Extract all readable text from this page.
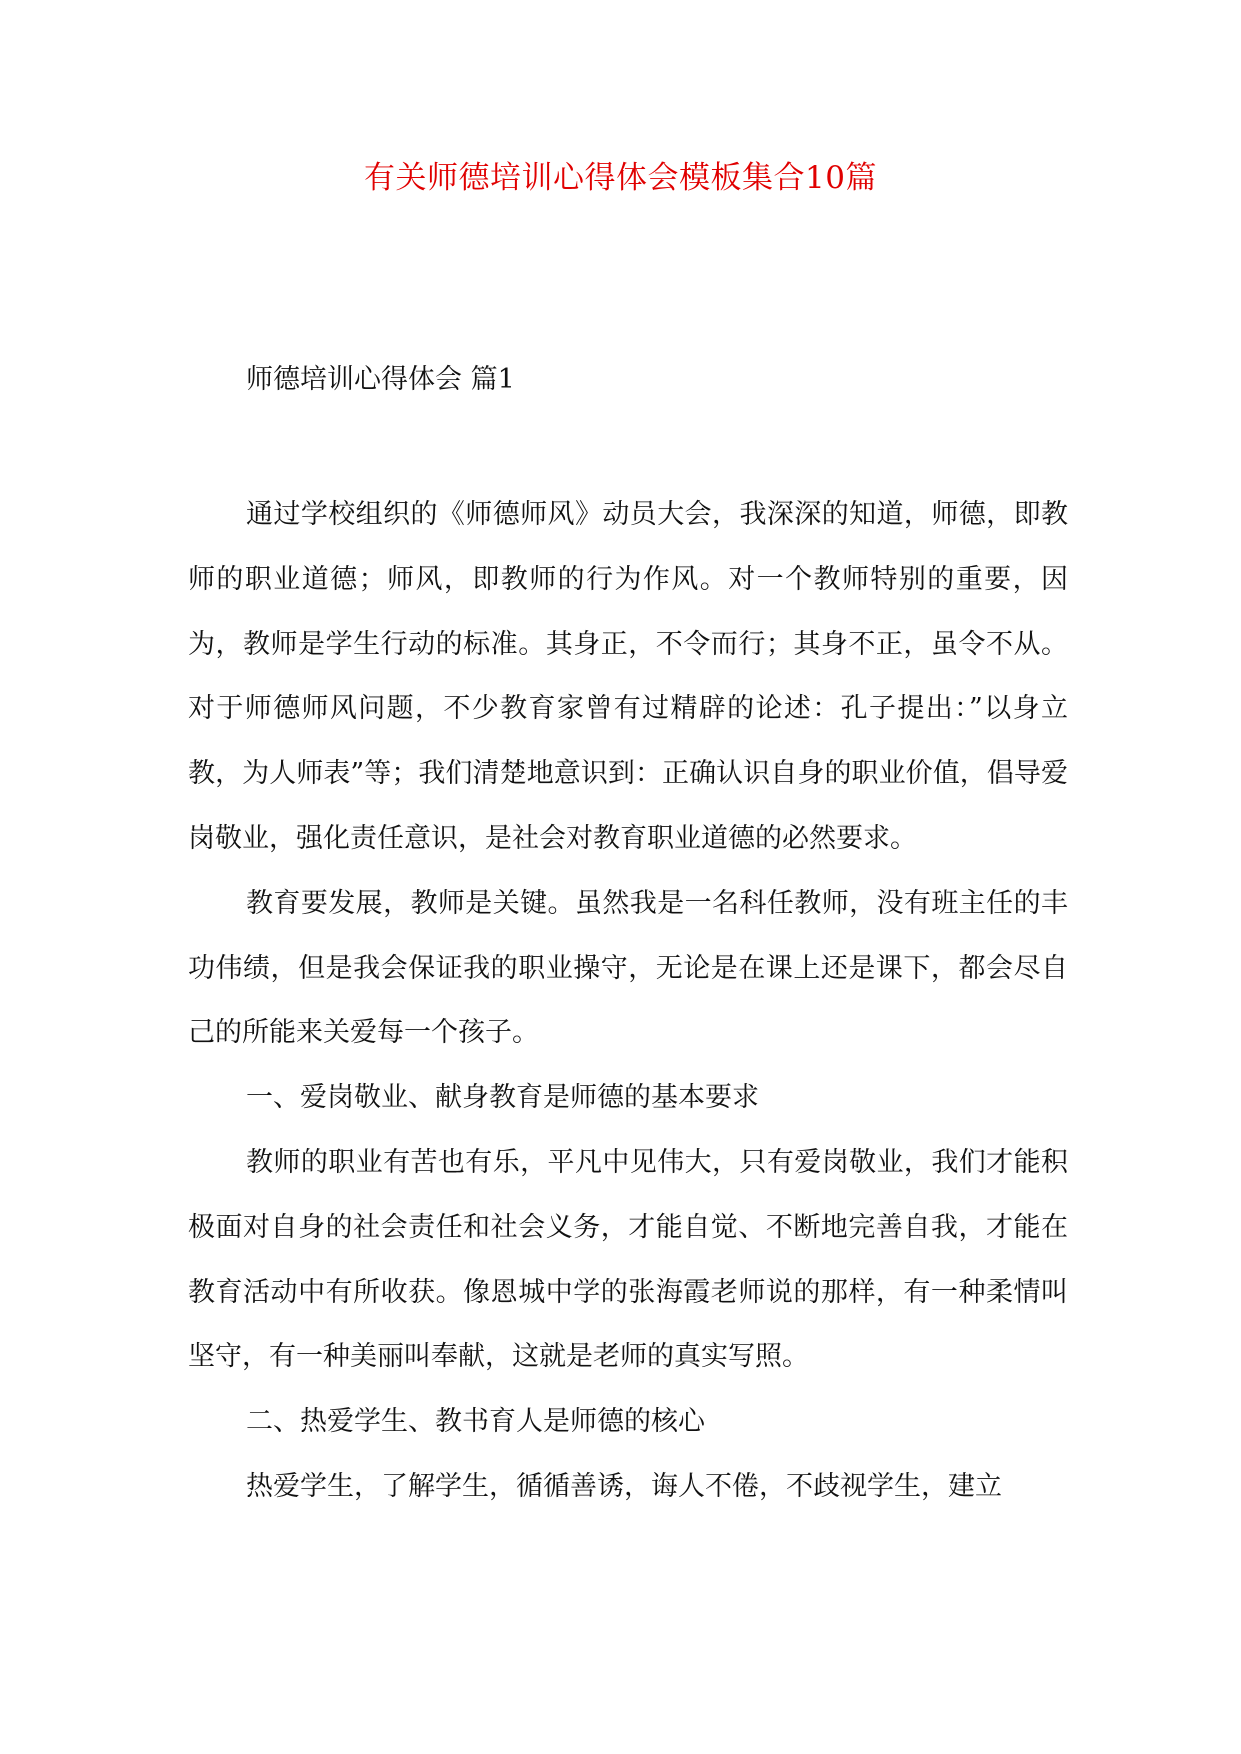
有关师德培训心得体会模板集合10篇
师德培训心得体会 篇1

通过学校组织的《师德师风》动员大会，我深深的知道，师德，即教师的职业道德；师风，即教师的行为作风。对一个教师特别的重要，因为，教师是学生行动的标准。其身正，不令而行；其身不正，虽令不从。对于师德师风问题，不少教育家曾有过精辟的论述：孔子提出：”以身立教，为人师表”等；我们清楚地意识到：正确认识自身的职业价值，倡导爱岗敬业，强化责任意识，是社会对教育职业道德的必然要求。

教育要发展，教师是关键。虽然我是一名科任教师，没有班主任的丰功伟绩，但是我会保证我的职业操守，无论是在课上还是课下，都会尽自己的所能来关爱每一个孩子。

一、爱岗敬业、献身教育是师德的基本要求

教师的职业有苦也有乐，平凡中见伟大，只有爱岗敬业，我们才能积极面对自身的社会责任和社会义务，才能自觉、不断地完善自我，才能在教育活动中有所收获。像恩城中学的张海霞老师说的那样，有一种柔情叫坚守，有一种美丽叫奉献，这就是老师的真实写照。

二、热爱学生、教书育人是师德的核心

热爱学生，了解学生，循循善诱，诲人不倦，不歧视学生，建立
